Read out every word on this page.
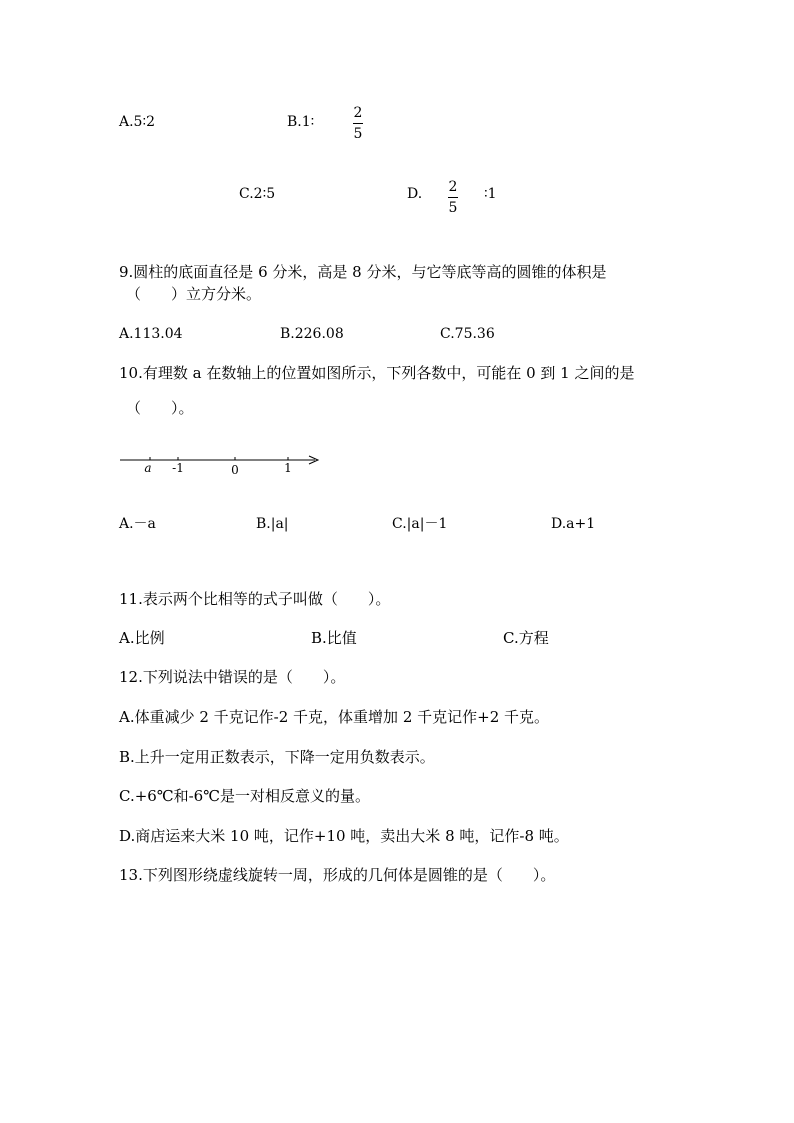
A.5∶2	B.1∶
2
5
C.2∶5	D. 2
5
∶1
9.圆柱的底面直径是 6 分米，高是 8 分米，与它等底等高的圆锥的体积是
（　　）立方分米。
A.113.04	B.226.08	C.75.36
10.有理数 a 在数轴上的位置如图所示，下列各数中，可能在 0 到 1 之间的是
（　　）。
a -1	0	1
A.－a	B.|a|	C.|a|－1	D.a+1
11.表示两个比相等的式子叫做（　　）。
A.比例	B.比值	C.方程
12.下列说法中错误的是（　　）。
A.体重减少 2 千克记作-2 千克，体重增加 2 千克记作+2 千克。
B.上升一定用正数表示，下降一定用负数表示。
C.+6℃和-6℃是一对相反意义的量。
D.商店运来大米 10 吨，记作+10 吨，卖出大米 8 吨，记作-8 吨。
13.下列图形绕虚线旋转一周，形成的几何体是圆锥的是（　　）。
